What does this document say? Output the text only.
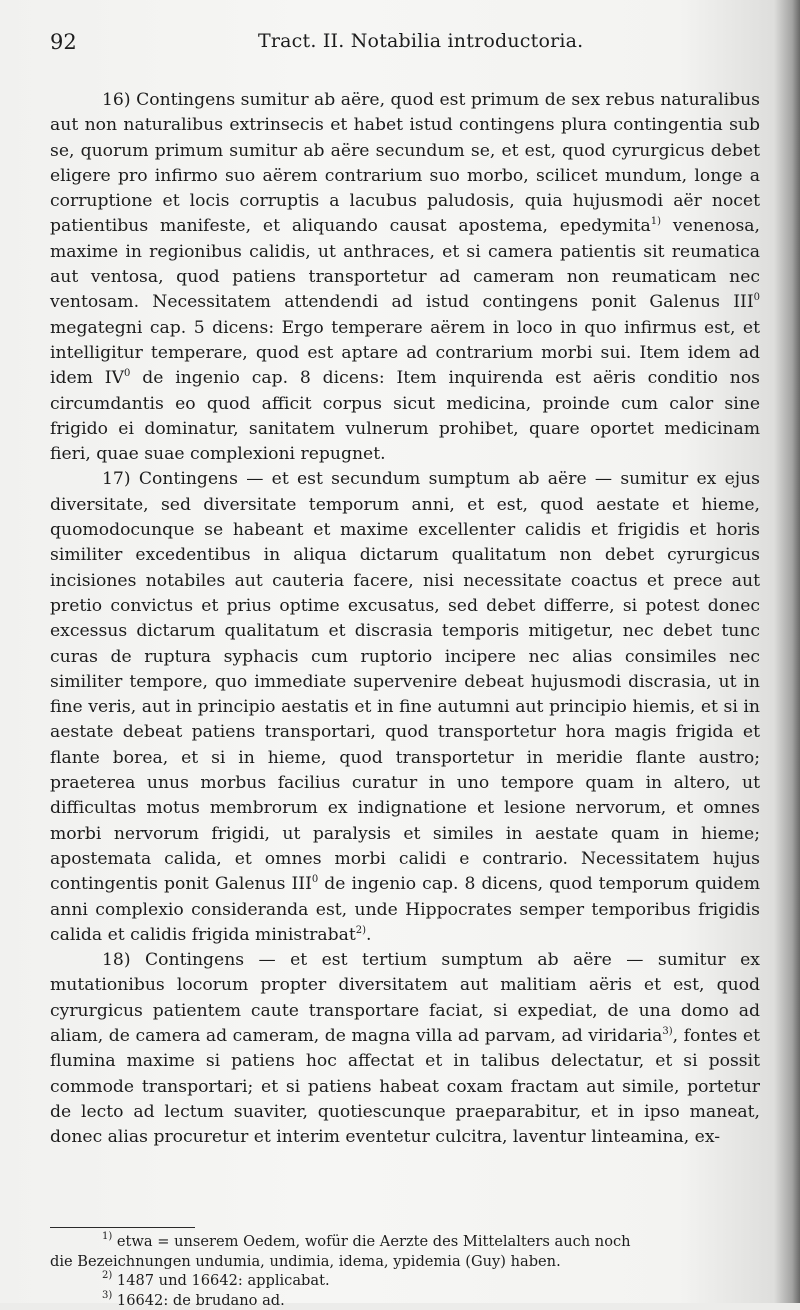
92	Tract. II. Notabilia introductoria.

16) Contingens sumitur ab aëre, quod est primum de sex rebus naturalibus aut non naturalibus extrinsecis et habet istud contingens plura contingentia sub se, quorum primum sumitur ab aëre secundum se, et est, quod cyrurgicus debet eligere pro infirmo suo aërem contrarium suo morbo, scilicet mundum, longe a corruptione et locis corruptis a lacubus paludosis, quia hujusmodi aër nocet patientibus manifeste, et aliquando causat apostema, epedymita$^{1)}$ venenosa, maxime in regionibus calidis, ut anthraces, et si camera patientis sit reumatica aut ventosa, quod patiens transportetur ad cameram non reumaticam nec ventosam. Necessitatem attendendi ad istud contingens ponit Galenus III$^0$ megategni cap. 5 dicens: Ergo temperare aërem in loco in quo infirmus est, et intelligitur temperare, quod est aptare ad contrarium morbi sui. Item idem ad idem $IV^0$ de ingenio cap. 8 dicens: Item inquirenda est aëris conditio nos circumdantis eo quod afficit corpus sicut medicina, proinde cum calor sine frigido ei dominatur, sanitatem vulnerum prohibet, quare oportet medicinam fieri, quae suae complexioni repugnet.

17) Contingens — et est secundum sumptum ab aëre — sumitur ex ejus diversitate, sed diversitate temporum anni, et est, quod aestate et hieme, quomodocunque se habeant et maxime excellenter calidis et frigidis et horis similiter excedentibus in aliqua dictarum qualitatum non debet cyrurgicus incisiones notabiles aut cauteria facere, nisi necessitate coactus et prece aut pretio convictus et prius optime excusatus, sed debet differre, si potest donec excessus dictarum qualitatum et discrasia temporis mitigetur, nec debet tunc curas de ruptura syphacis cum ruptorio incipere nec alias consimiles nec similiter tempore, quo immediate supervenire debeat hujusmodi discrasia, ut in fine veris, aut in principio aestatis et in fine autumni aut principio hiemis, et si in aestate debeat patiens transportari, quod transportetur hora magis frigida et flante borea, et si in hieme, quod transportetur in meridie flante austro; praeterea unus morbus facilius curatur in uno tempore quam in altero, ut difficultas motus membrorum ex indignatione et lesione nervorum, et omnes morbi nervorum frigidi, ut paralysis et similes in aestate quam in hieme; apostemata calida, et omnes morbi calidi e contrario. Necessitatem hujus contingentis ponit Galenus III$^0$ de ingenio cap. 8 dicens, quod temporum quidem anni complexio consideranda est, unde Hippocrates semper temporibus frigidis calida et calidis frigida ministrabat$^{2)}$.

18) Contingens — et est tertium sumptum ab aëre — sumitur ex mutationibus locorum propter diversitatem aut malitiam aëris et est, quod cyrurgicus patientem caute transportare faciat, si expediat, de una domo ad aliam, de camera ad cameram, de magna villa ad parvam, ad viridaria$^{3)}$, fontes et flumina maxime si patiens hoc affectat et in talibus delectatur, et si possit commode transportari; et si patiens habeat coxam fractam aut simile, portetur de lecto ad lectum suaviter, quotiescunque praeparabitur, et in ipso maneat, donec alias procuretur et interim eventetur culcitra, laventur linteamina, ex-

$^{1)}$ etwa = unserem Oedem, wofür die Aerzte des Mittelalters auch noch

die Bezeichnungen undumia, undimia, idema, ypidemia (Guy) haben.

$^{2)}$ 1487 und 16642: applicabat.

$^{3)}$ 16642: de brudano ad.
